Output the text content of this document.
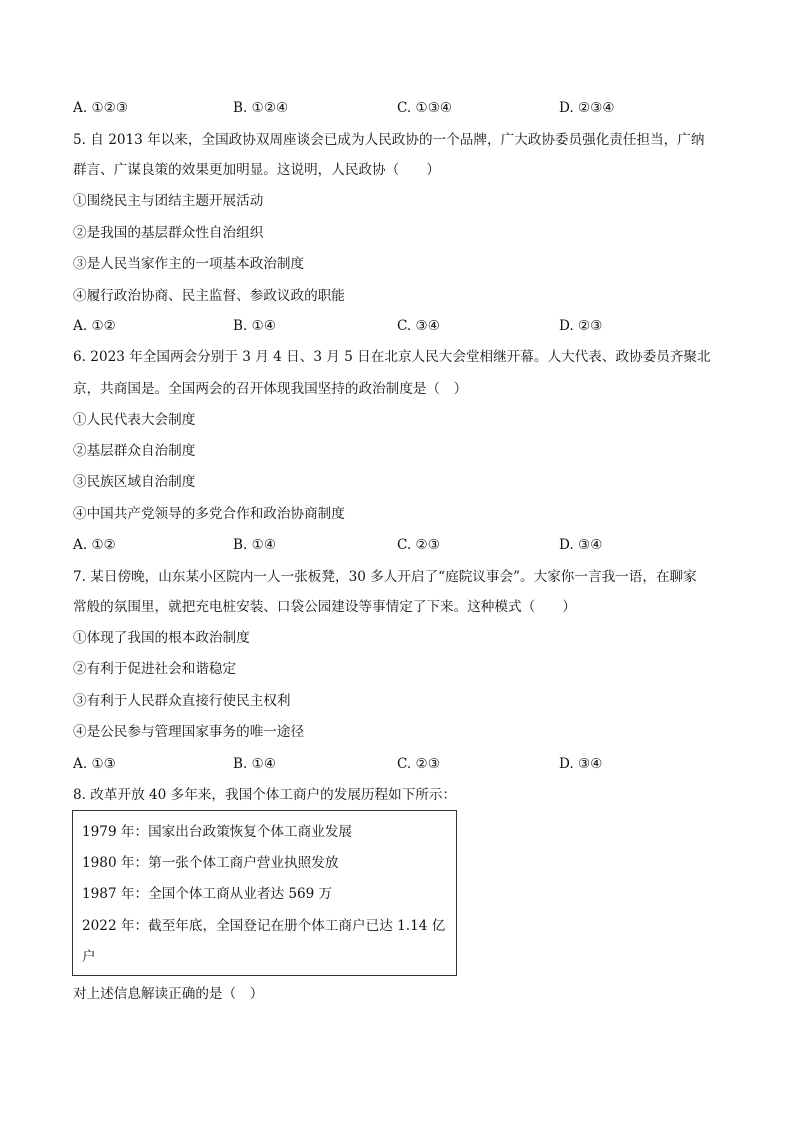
A. ①②③	B. ①②④	C. ①③④	D. ②③④
5. 自 2013 年以来，全国政协双周座谈会已成为人民政协的一个品牌，广大政协委员强化责任担当，广纳
群言、广谋良策的效果更加明显。这说明，人民政协（　　）
①围绕民主与团结主题开展活动
②是我国的基层群众性自治组织
③是人民当家作主的一项基本政治制度
④履行政治协商、民主监督、参政议政的职能
A. ①②	B. ①④	C. ③④	D. ②③
6. 2023 年全国两会分别于 3 月 4 日、3 月 5 日在北京人民大会堂相继开幕。人大代表、政协委员齐聚北
京，共商国是。全国两会的召开体现我国坚持的政治制度是（　）
①人民代表大会制度
②基层群众自治制度
③民族区域自治制度
④中国共产党领导的多党合作和政治协商制度
A. ①②	B. ①④	C. ②③	D. ③④
7. 某日傍晚，山东某小区院内一人一张板凳，30 多人开启了“庭院议事会”。大家你一言我一语，在聊家
常般的氛围里，就把充电桩安装、口袋公园建设等事情定了下来。这种模式（　　）
①体现了我国的根本政治制度
②有利于促进社会和谐稳定
③有利于人民群众直接行使民主权利
④是公民参与管理国家事务的唯一途径
A. ①③	B. ①④	C. ②③	D. ③④
8. 改革开放 40 多年来，我国个体工商户的发展历程如下所示：
1979 年：国家出台政策恢复个体工商业发展
1980 年：第一张个体工商户营业执照发放
1987 年：全国个体工商从业者达 569 万
2022 年：截至年底，全国登记在册个体工商户已达 1.14 亿
户
对上述信息解读正确的是（　）
